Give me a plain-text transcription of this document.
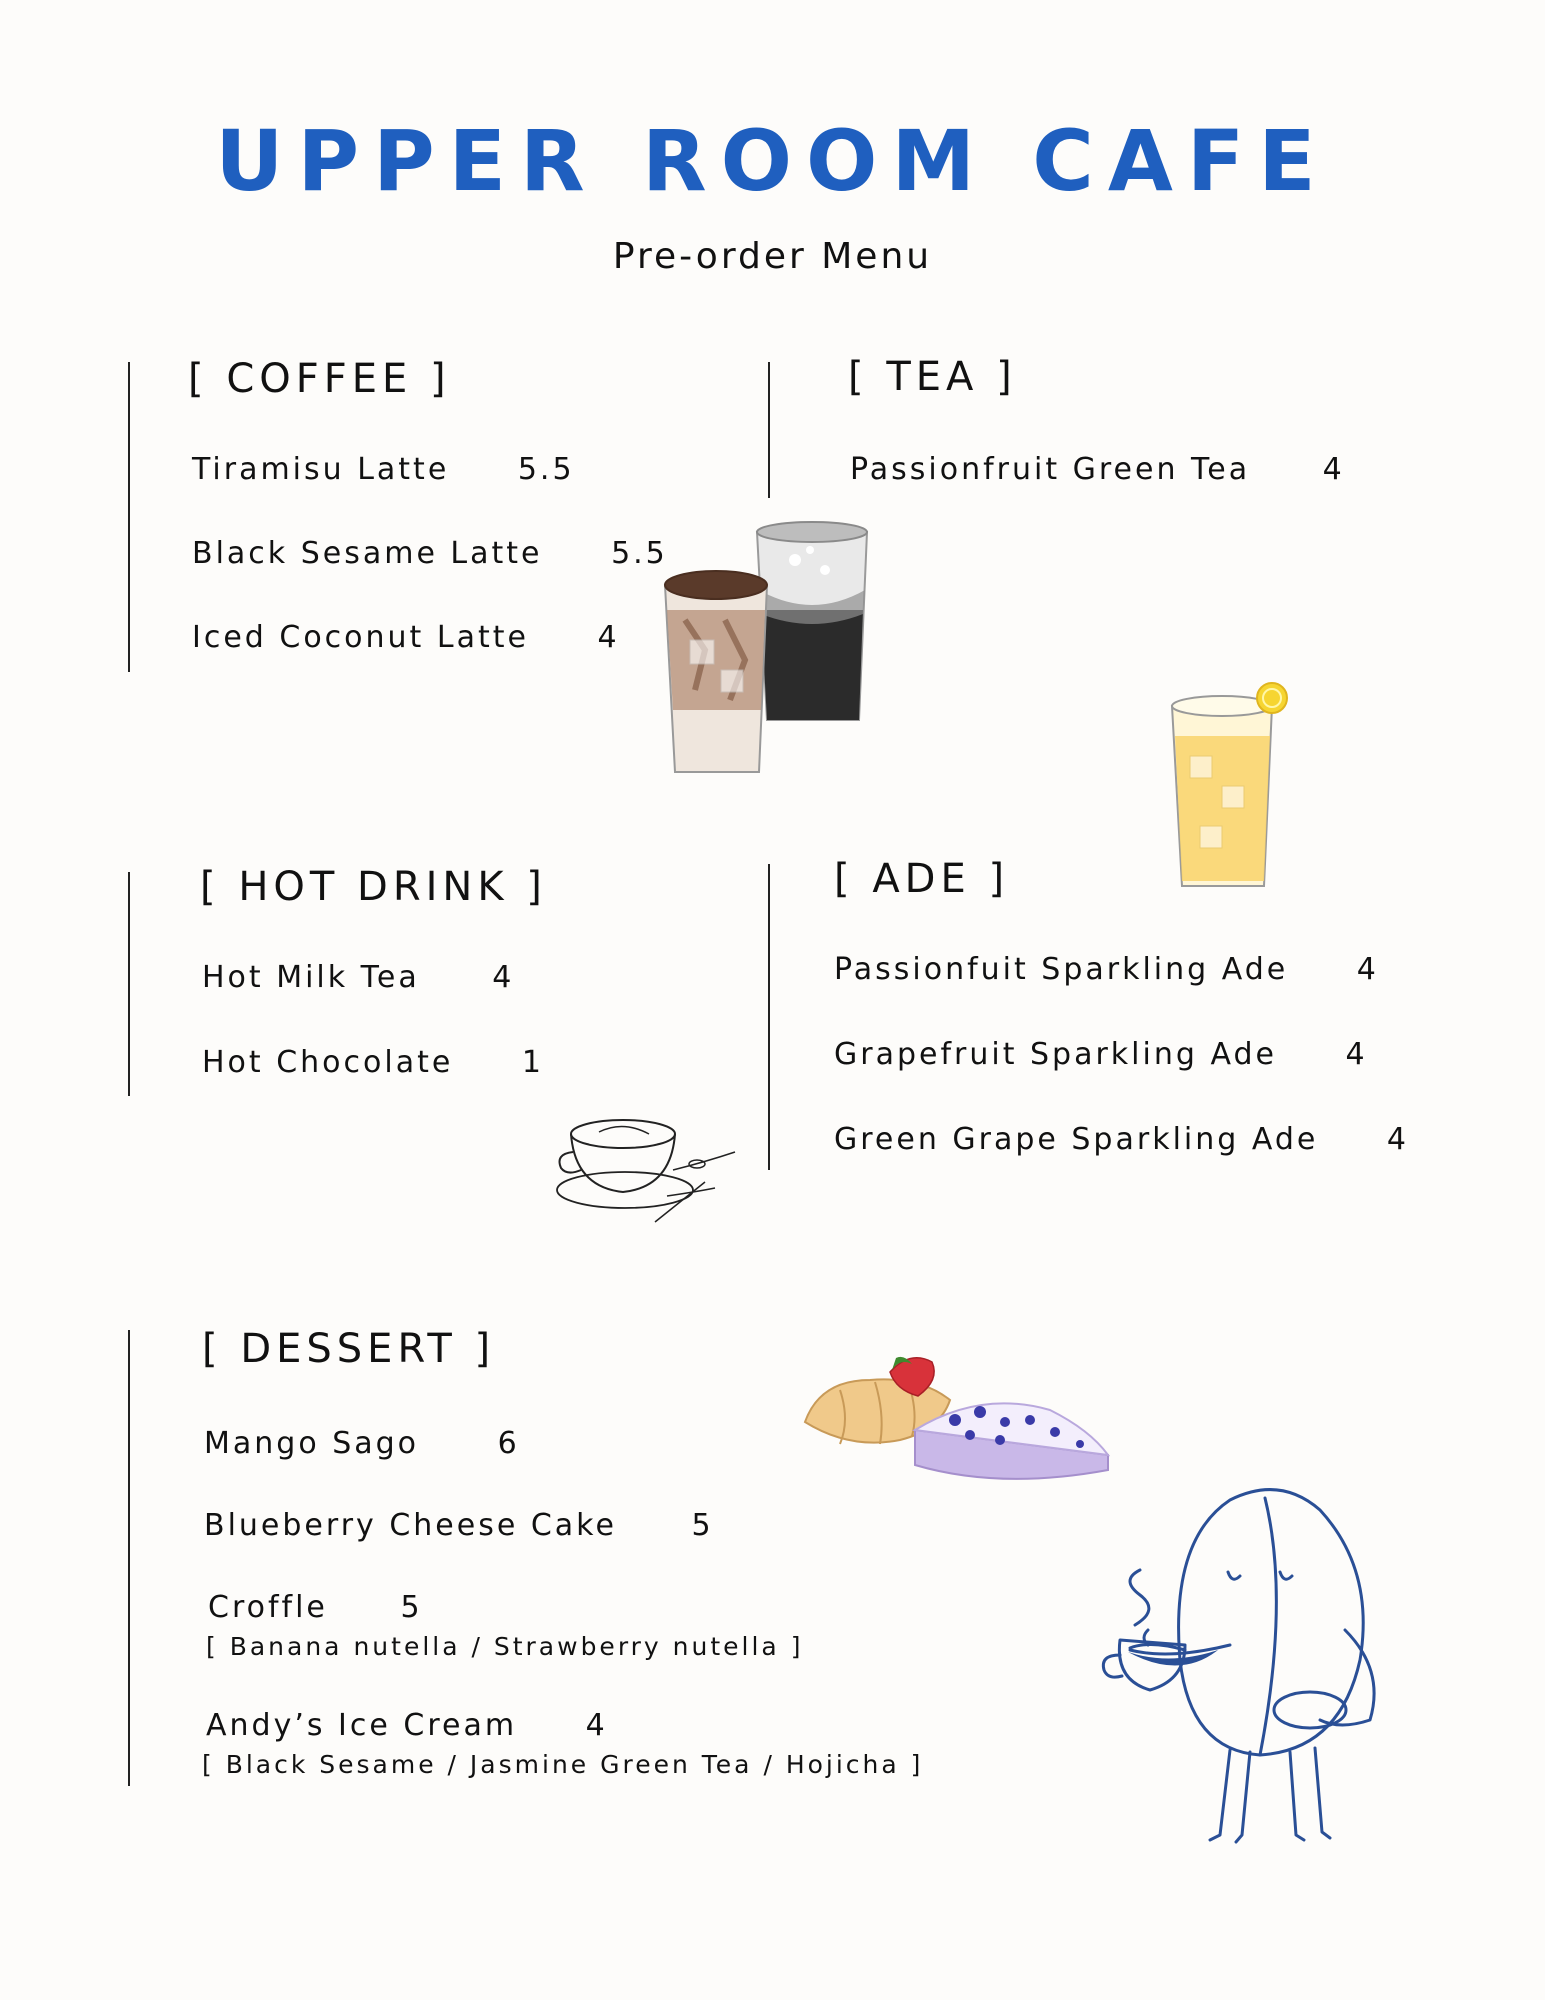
UPPER ROOM CAFE

Pre-order Menu

[ COFFEE ]

Tiramisu Latte 5.5
Black Sesame Latte 5.5
Iced Coconut Latte 4

[ TEA ]

Passionfruit Green Tea 4

[ HOT DRINK ]

Hot Milk Tea 4
Hot Chocolate 1

[ ADE ]

Passionfuit Sparkling Ade 4
Grapefruit Sparkling Ade 4
Green Grape Sparkling Ade 4

[ DESSERT ]

Mango Sago	6
Blueberry Cheese Cake 5
Croffle 5
[ Banana nutella / Strawberry nutella ]
Andy’s Ice Cream 4
[ Black Sesame / Jasmine Green Tea / Hojicha ]
